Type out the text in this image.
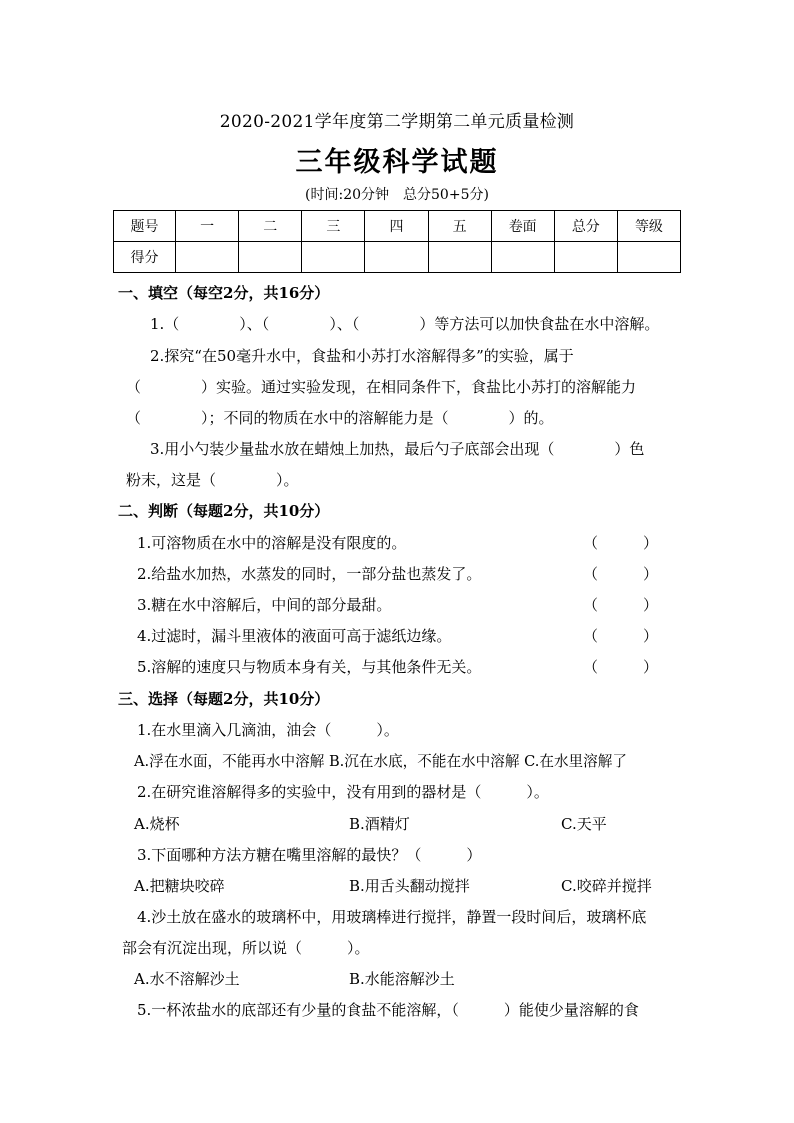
2020-2021学年度第二学期第二单元质量检测
三年级科学试题
(时间:20分钟　总分50+5分)
题号	一	二	三	四	五	卷面	总分	等级
得分								
一、填空（每空2分，共16分）
1.（　　　　）、（　　　　）、（　　　　）等方法可以加快食盐在水中溶解。
2.探究“在50毫升水中，食盐和小苏打水溶解得多”的实验，属于
（　　　　）实验。通过实验发现，在相同条件下，食盐比小苏打的溶解能力
（　　　　）；不同的物质在水中的溶解能力是（　　　　）的。
3.用小勺装少量盐水放在蜡烛上加热，最后勺子底部会出现（　　　　）色
粉末，这是（　　　　）。
二、判断（每题2分，共10分）
1.可溶物质在水中的溶解是没有限度的。	（　　　）
2.给盐水加热，水蒸发的同时，一部分盐也蒸发了。	（　　　）
3.糖在水中溶解后，中间的部分最甜。	（　　　）
4.过滤时，漏斗里液体的液面可高于滤纸边缘。	（　　　）
5.溶解的速度只与物质本身有关，与其他条件无关。	（　　　）
三、选择（每题2分，共10分）
1.在水里滴入几滴油，油会（　　　）。
A.浮在水面，不能再水中溶解 B.沉在水底，不能在水中溶解 C.在水里溶解了
2.在研究谁溶解得多的实验中，没有用到的器材是（　　　）。
A.烧杯	B.酒精灯	C.天平
3.下面哪种方法方糖在嘴里溶解的最快？（　　　）
A.把糖块咬碎	B.用舌头翻动搅拌	C.咬碎并搅拌
4.沙土放在盛水的玻璃杯中，用玻璃棒进行搅拌，静置一段时间后，玻璃杯底
部会有沉淀出现，所以说（　　　）。
A.水不溶解沙土	B.水能溶解沙土
5.一杯浓盐水的底部还有少量的食盐不能溶解，（　　　）能使少量溶解的食
